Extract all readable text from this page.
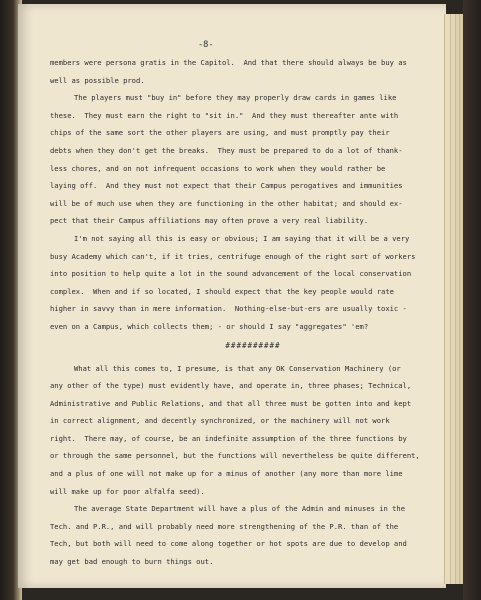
-8-
members were persona gratis in the Capitol.  And that there should always be buy as
well as possible prod.
The players must "buy in" before they may properly draw cards in games like
these.  They must earn the right to "sit in."  And they must thereafter ante with
chips of the same sort the other players are using, and must promptly pay their
debts when they don't get the breaks.  They must be prepared to do a lot of thank-
less chores, and on not infrequent occasions to work when they would rather be
laying off.  And they must not expect that their Campus perogatives and immunities
will be of much use when they are functioning in the other habitat; and should ex-
pect that their Campus affiliations may often prove a very real liability.
I'm not saying all this is easy or obvious; I am saying that it will be a very
busy Academy which can't, if it tries, centrifuge enough of the right sort of workers
into position to help quite a lot in the sound advancement of the local conservation
complex.  When and if so located, I should expect that the key people would rate
higher in savvy than in mere information.  Nothing-else-but-ers are usually toxic -
even on a Campus, which collects them; - or should I say "aggregates" 'em?
##########
What all this comes to, I presume, is that any OK Conservation Machinery (or
any other of the type) must evidently have, and operate in, three phases; Technical,
Administrative and Public Relations, and that all three must be gotten into and kept
in correct alignment, and decently synchronized, or the machinery will not work
right.  There may, of course, be an indefinite assumption of the three functions by
or through the same personnel, but the functions will nevertheless be quite different,
and a plus of one will not make up for a minus of another (any more than more lime
will make up for poor alfalfa seed).
The average State Department will have a plus of the Admin and minuses in the
Tech. and P.R., and will probably need more strengthening of the P.R. than of the
Tech, but both will need to come along together or hot spots are due to develop and
may get bad enough to burn things out.
